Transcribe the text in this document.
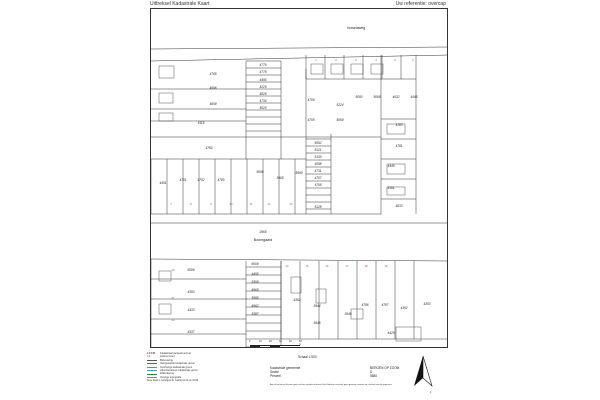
Uittreksel Kadastrale Kaart	Uw referentie: overcap
Vorselaweg
Boomgaard
4779
4765	4778
4698
4490
4225
4699
4826
4734
5115
5020
4706
5224
5060	5068	4632	4445
4705	5069
4783
4760	4781
4449
4451
4701	4702	4780
5096
3965
5590
5552
5121
5130
4098
4731
4707
4708
5128
4161
4633
2965
6006
6009
4455
5359
4353	4969
4433
5989
4962
4337
5387
4362
3944
3945
3946
4786	4787
4352
4353
4420
1	2	3	4	5	6
7	8	9	10	11	12	13
14	15	16	17	18	19
20
21
22
0	10	20	30	40	50 m
12345	Kadastraal perceelnummer
12	Huisnummer
Bebouwing
Vastgestelde kadastrale grens
Voorlopige kadastrale grens
Administratieve kadastrale grens
Waterkering
Overige topografie
Deze kaart is noordgericht. Geldig tot 01 juni 2019.
Schaal 1:500
Kadastrale gemeente	BERGEN OP ZOOM
Sectie	D
Perceel	5880
Aan dit uittreksel kunnen geen rechten worden ontleend. Het Kadaster verstrekt geen garantie omtrent de juistheid van de gegevens.
1
